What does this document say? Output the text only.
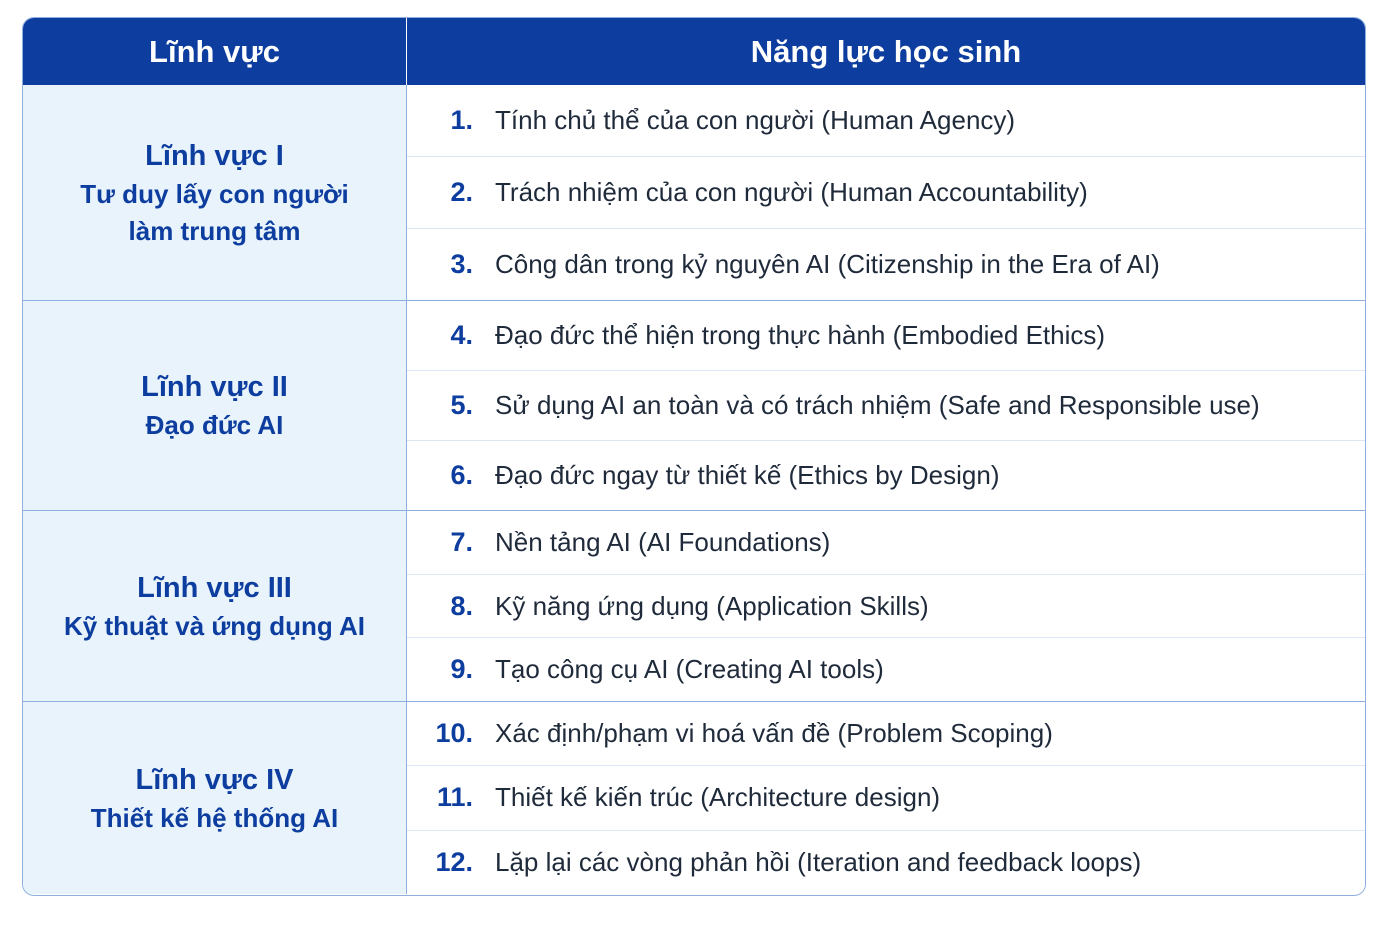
Lĩnh vực	Năng lực học sinh
Lĩnh vực I
Tư duy lấy con người
làm trung tâm
1. Tính chủ thể của con người (Human Agency)
2. Trách nhiệm của con người (Human Accountability)
3. Công dân trong kỷ nguyên AI (Citizenship in the Era of AI)
Lĩnh vực II
Đạo đức AI
4. Đạo đức thể hiện trong thực hành (Embodied Ethics)
5. Sử dụng AI an toàn và có trách nhiệm (Safe and Responsible use)
6. Đạo đức ngay từ thiết kế (Ethics by Design)
Lĩnh vực III
Kỹ thuật và ứng dụng AI
7. Nền tảng AI (AI Foundations)
8. Kỹ năng ứng dụng (Application Skills)
9. Tạo công cụ AI (Creating AI tools)
Lĩnh vực IV
Thiết kế hệ thống AI
10. Xác định/phạm vi hoá vấn đề (Problem Scoping)
11. Thiết kế kiến trúc (Architecture design)
12. Lặp lại các vòng phản hồi (Iteration and feedback loops)
